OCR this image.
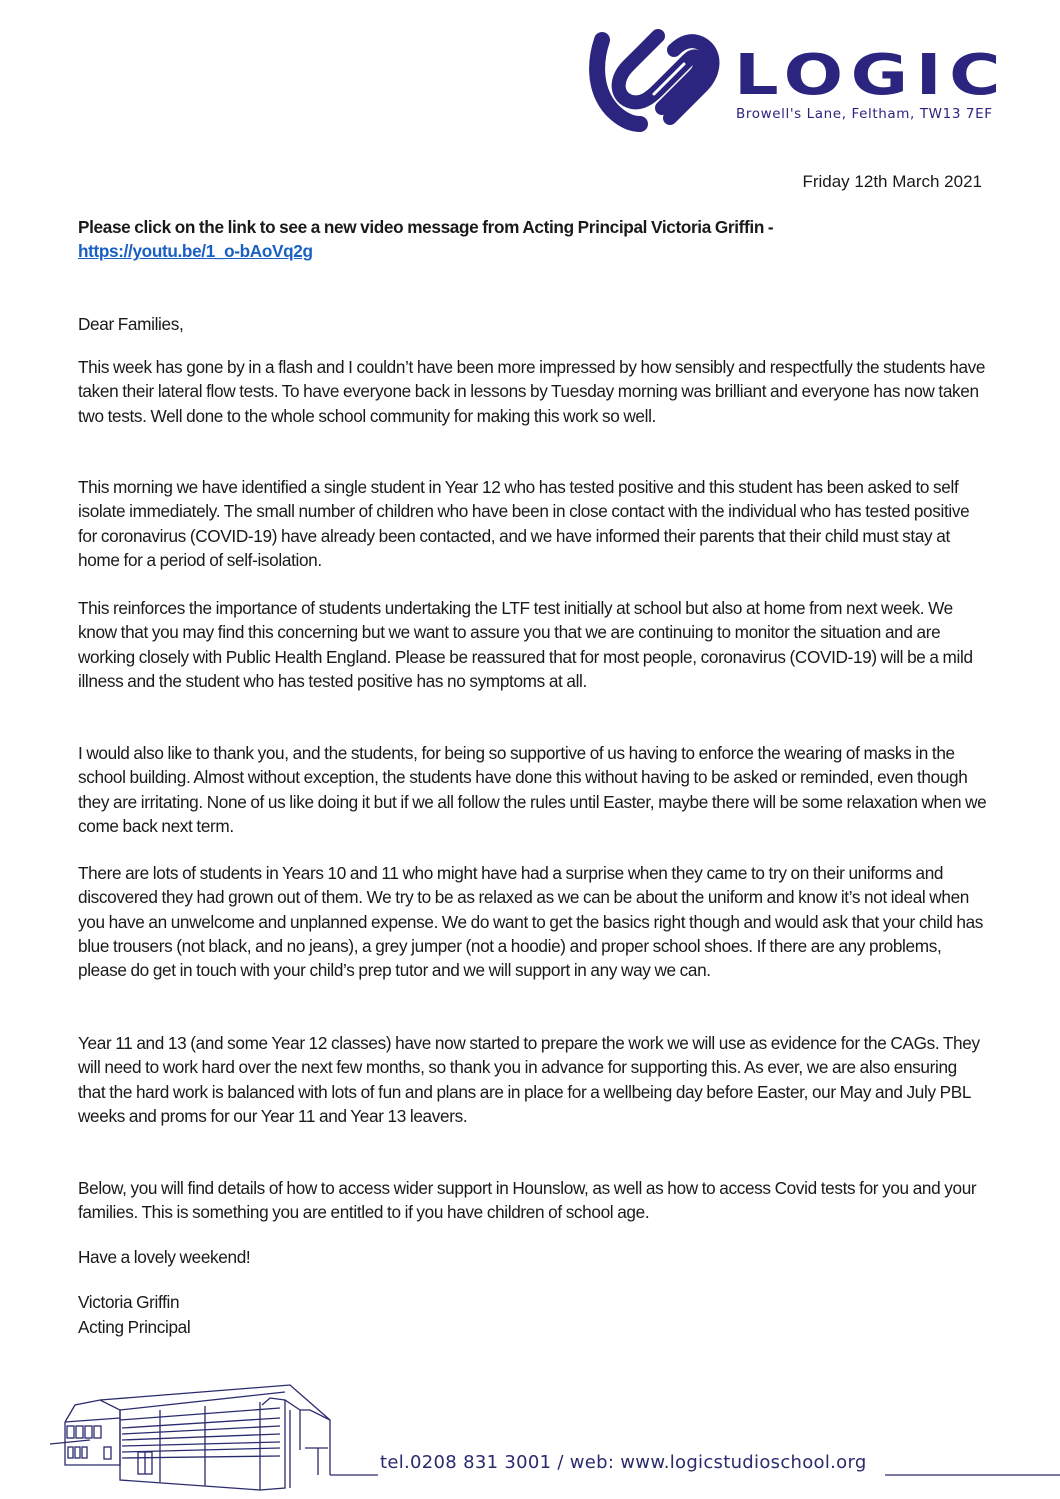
LOGIC
Browell's Lane, Feltham, TW13 7EF
Friday 12th March 2021
Please click on the link to see a new video message from Acting Principal Victoria Griffin -
https://youtu.be/1_o-bAoVq2g
Dear Families,
This week has gone by in a flash and I couldn’t have been more impressed by how sensibly and respectfully the students have taken their lateral flow tests. To have everyone back in lessons by Tuesday morning was brilliant and everyone has now taken two tests. Well done to the whole school community for making this work so well.
This morning we have identified a single student in Year 12 who has tested positive and this student has been asked to self isolate immediately. The small number of children who have been in close contact with the individual who has tested positive for coronavirus (COVID-19) have already been contacted, and we have informed their parents that their child must stay at home for a period of self-isolation.
This reinforces the importance of students undertaking the LTF test initially at school but also at home from next week. We know that you may find this concerning but we want to assure you that we are continuing to monitor the situation and are working closely with Public Health England. Please be reassured that for most people, coronavirus (COVID-19) will be a mild illness and the student who has tested positive has no symptoms at all.
I would also like to thank you, and the students, for being so supportive of us having to enforce the wearing of masks in the school building. Almost without exception, the students have done this without having to be asked or reminded, even though they are irritating. None of us like doing it but if we all follow the rules until Easter, maybe there will be some relaxation when we come back next term.
There are lots of students in Years 10 and 11 who might have had a surprise when they came to try on their uniforms and discovered they had grown out of them. We try to be as relaxed as we can be about the uniform and know it’s not ideal when you have an unwelcome and unplanned expense. We do want to get the basics right though and would ask that your child has blue trousers (not black, and no jeans), a grey jumper (not a hoodie) and proper school shoes. If there are any problems, please do get in touch with your child’s prep tutor and we will support in any way we can.
Year 11 and 13 (and some Year 12 classes) have now started to prepare the work we will use as evidence for the CAGs. They will need to work hard over the next few months, so thank you in advance for supporting this. As ever, we are also ensuring that the hard work is balanced with lots of fun and plans are in place for a wellbeing day before Easter, our May and July PBL weeks and proms for our Year 11 and Year 13 leavers.
Below, you will find details of how to access wider support in Hounslow, as well as how to access Covid tests for you and your families. This is something you are entitled to if you have children of school age.
Have a lovely weekend!
Victoria Griffin
Acting Principal
tel.0208 831 3001 / web: www.logicstudioschool.org
